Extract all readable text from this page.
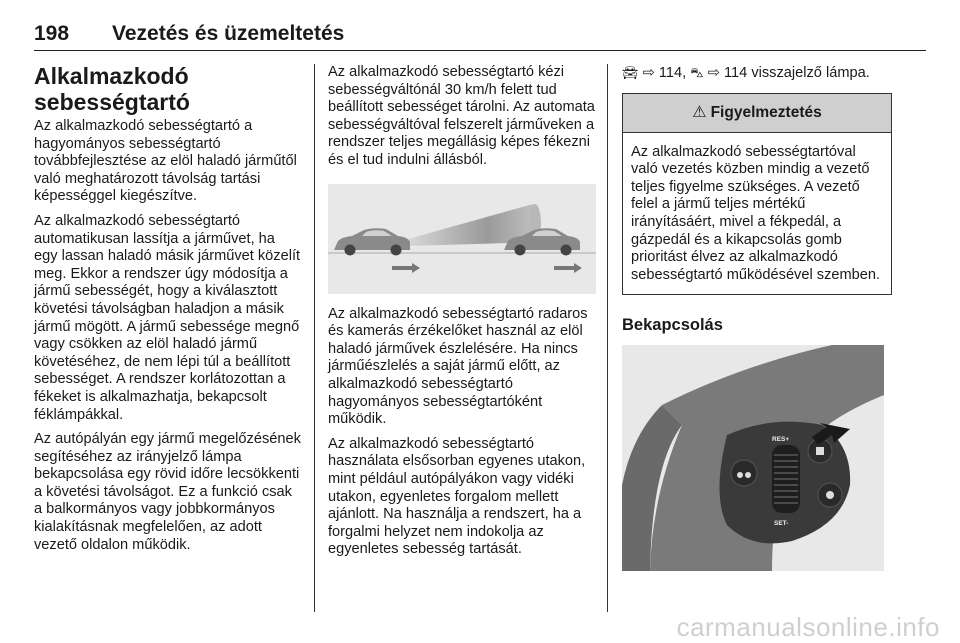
198 Vezetés és üzemeltetés
Alkalmazkodó sebességtartó

Az alkalmazkodó sebességtartó a hagyományos sebességtartó továbbfejlesztése az elöl haladó járműtől való meghatározott távolság tartási képességgel kiegészítve.

Az alkalmazkodó sebességtartó automatikusan lassítja a járművet, ha egy lassan haladó másik járművet közelít meg. Ekkor a rendszer úgy módosítja a jármű sebességét, hogy a kiválasztott követési távolságban haladjon a másik jármű mögött. A jármű sebessége megnő vagy csökken az elöl haladó jármű követéséhez, de nem lépi túl a beállított sebességet. A rendszer korlátozottan a fékeket is alkalmazhatja, bekapcsolt féklámpákkal.

Az autópályán egy jármű megelőzésének segítéséhez az irányjelző lámpa bekapcsolása egy rövid időre lecsökkenti a követési távolságot. Ez a funkció csak a balkormányos vagy jobbkormányos kialakításnak megfelelően, az adott vezető oldalon működik.

Az alkalmazkodó sebességtartó kézi sebességváltónál 30 km/h felett tud beállított sebességet tárolni. Az automata sebességváltóval felszerelt járműveken a rendszer teljes megállásig képes fékezni és el tud indulni állásból.

Az alkalmazkodó sebességtartó radaros és kamerás érzékelőket használ az elöl haladó járművek észlelésére. Ha nincs járműészlelés a saját jármű előtt, az alkalmazkodó sebességtartó hagyományos sebességtartóként működik.

Az alkalmazkodó sebességtartó használata elsősorban egyenes utakon, mint például autópályákon vagy vidéki utakon, egyenletes forgalom mellett ajánlott. Na használja a rendszert, ha a forgalmi helyzet nem indokolja az egyenletes sebesség tartását.

🚘︎ ⇨ 114, ⛍ ⇨ 114 visszajelző lámpa.
⚠ Figyelmeztetés
Az alkalmazkodó sebességtartóval való vezetés közben mindig a vezető teljes figyelme szükséges. A vezető felel a jármű teljes mértékű irányításáért, mivel a fékpedál, a gázpedál és a kikapcsolás gomb prioritást élvez az alkalmazkodó sebességtartó működésével szemben.
Bekapcsolás
RES+
SET-
carmanualsonline.info
